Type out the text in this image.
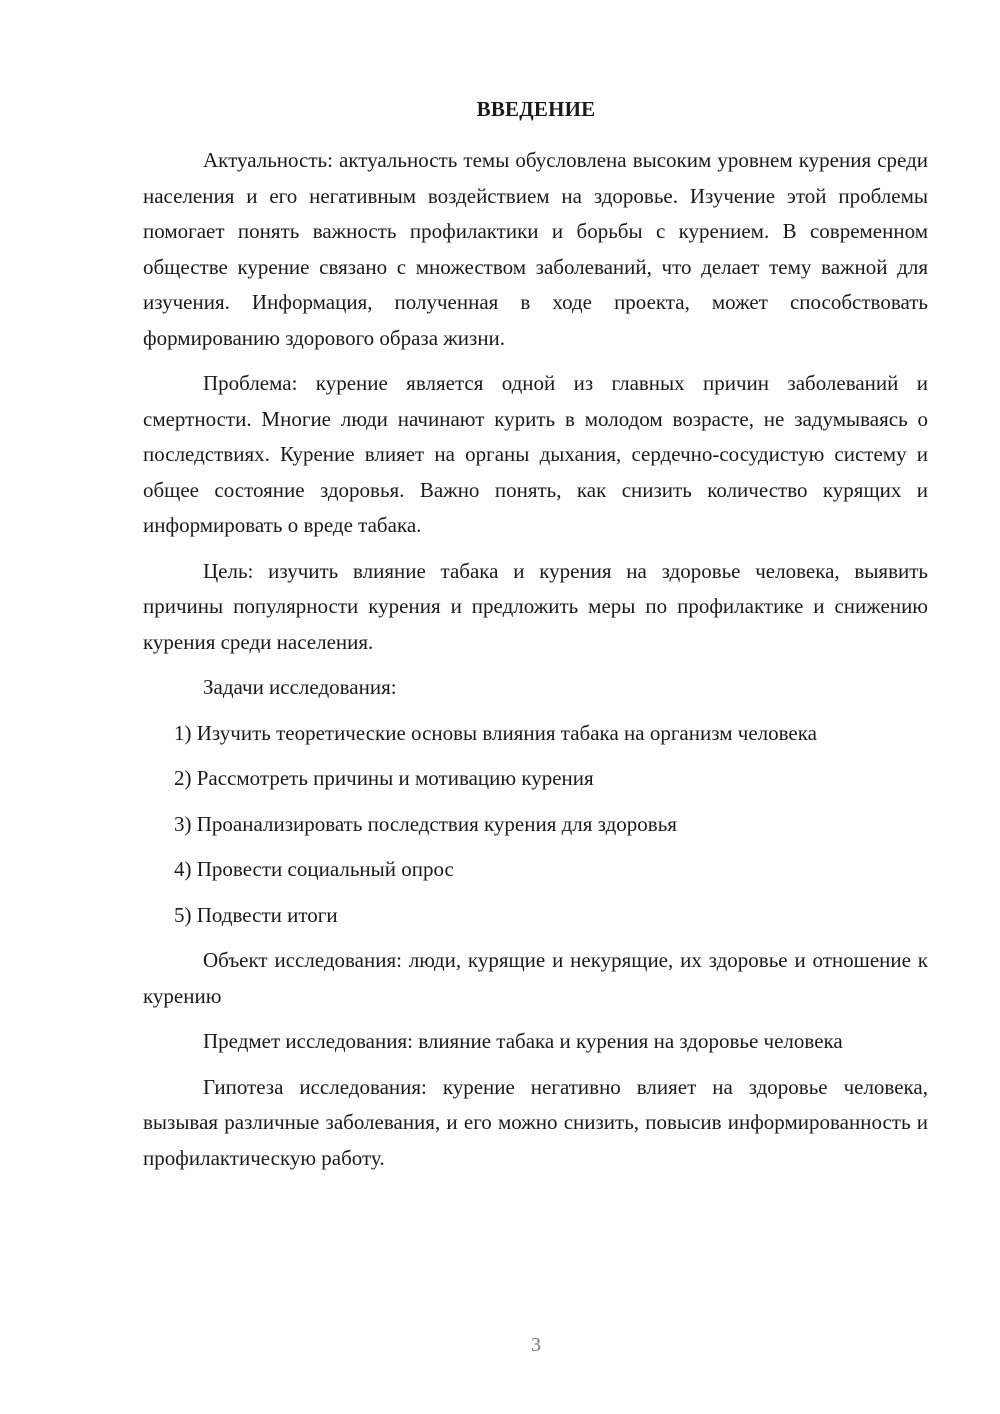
ВВЕДЕНИЕ

Актуальность: актуальность темы обусловлена высоким уровнем курения среди населения и его негативным воздействием на здоровье. Изучение этой проблемы помогает понять важность профилактики и борьбы с курением. В современном обществе курение связано с множеством заболеваний, что делает тему важной для изучения. Информация, полученная в ходе проекта, может способствовать формированию здорового образа жизни.

Проблема: курение является одной из главных причин заболеваний и смертности. Многие люди начинают курить в молодом возрасте, не задумываясь о последствиях. Курение влияет на органы дыхания, сердечно-сосудистую систему и общее состояние здоровья. Важно понять, как снизить количество курящих и информировать о вреде табака.

Цель: изучить влияние табака и курения на здоровье человека, выявить причины популярности курения и предложить меры по профилактике и снижению курения среди населения.

Задачи исследования:

1) Изучить теоретические основы влияния табака на организм человека

2) Рассмотреть причины и мотивацию курения

3) Проанализировать последствия курения для здоровья

4) Провести социальный опрос

5) Подвести итоги

Объект исследования: люди, курящие и некурящие, их здоровье и отношение к курению

Предмет исследования: влияние табака и курения на здоровье человека

Гипотеза исследования: курение негативно влияет на здоровье человека, вызывая различные заболевания, и его можно снизить, повысив информированность и профилактическую работу.

3
